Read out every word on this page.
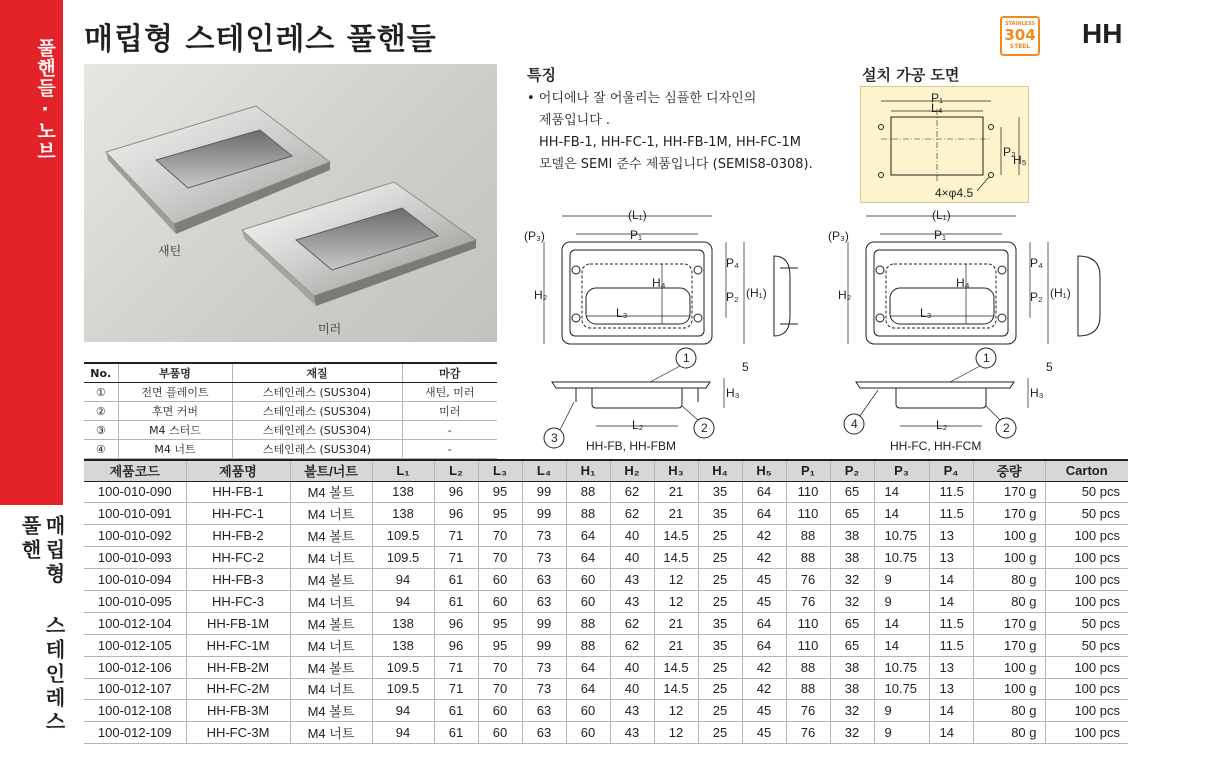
풀핸들·노브
매립형 스테인레스 풀핸
매립형 스테인레스 풀핸들	STAINLESS
304
STEEL HH
새틴
미러
특징
• 어디에나 잘 어울리는 심플한 디자인의
제품입니다 .
HH-FB-1, HH-FC-1, HH-FB-1M, HH-FC-1M
모델은 SEMI 준수 제품입니다 (SEMIS8-0308).
설치 가공 도면
P₁
L₄
P₂
H₅
4×φ4.5
(L₁)
(P₃)	P₁
L₃
H₂
H₄
P₄
P₂ (H₁)
5
H₃
L₂
1
2
3
HH-FB, HH-FBM
(L₁)
(P₃)	P₁
L₃
H₂
H₄
P₄
P₂ (H₁)
5
H₃
L₂
1
2
4
HH-FC, HH-FCM
No.	부품명	재질	마감
①	전면 플레이트	스테인레스 (SUS304)	새틴, 미러
②	후면 커버	스테인레스 (SUS304)	미러
③	M4 스터드	스테인레스 (SUS304)	-
④	M4 너트	스테인레스 (SUS304)	-
제품코드	제품명	볼트/너트	L₁	L₂	L₃	L₄	H₁	H₂	H₃	H₄	H₅	P₁	P₂	P₃	P₄	중량	Carton
100-010-090	HH-FB-1	M4 볼트	138	96	95	99	88	62	21	35	64	110	65	14	11.5	170 g	50 pcs
100-010-091	HH-FC-1	M4 너트	138	96	95	99	88	62	21	35	64	110	65	14	11.5	170 g	50 pcs
100-010-092	HH-FB-2	M4 볼트	109.5	71	70	73	64	40	14.5	25	42	88	38	10.75	13	100 g	100 pcs
100-010-093	HH-FC-2	M4 너트	109.5	71	70	73	64	40	14.5	25	42	88	38	10.75	13	100 g	100 pcs
100-010-094	HH-FB-3	M4 볼트	94	61	60	63	60	43	12	25	45	76	32	9	14	80 g	100 pcs
100-010-095	HH-FC-3	M4 너트	94	61	60	63	60	43	12	25	45	76	32	9	14	80 g	100 pcs
100-012-104	HH-FB-1M	M4 볼트	138	96	95	99	88	62	21	35	64	110	65	14	11.5	170 g	50 pcs
100-012-105	HH-FC-1M	M4 너트	138	96	95	99	88	62	21	35	64	110	65	14	11.5	170 g	50 pcs
100-012-106	HH-FB-2M	M4 볼트	109.5	71	70	73	64	40	14.5	25	42	88	38	10.75	13	100 g	100 pcs
100-012-107	HH-FC-2M	M4 너트	109.5	71	70	73	64	40	14.5	25	42	88	38	10.75	13	100 g	100 pcs
100-012-108	HH-FB-3M	M4 볼트	94	61	60	63	60	43	12	25	45	76	32	9	14	80 g	100 pcs
100-012-109	HH-FC-3M	M4 너트	94	61	60	63	60	43	12	25	45	76	32	9	14	80 g	100 pcs
